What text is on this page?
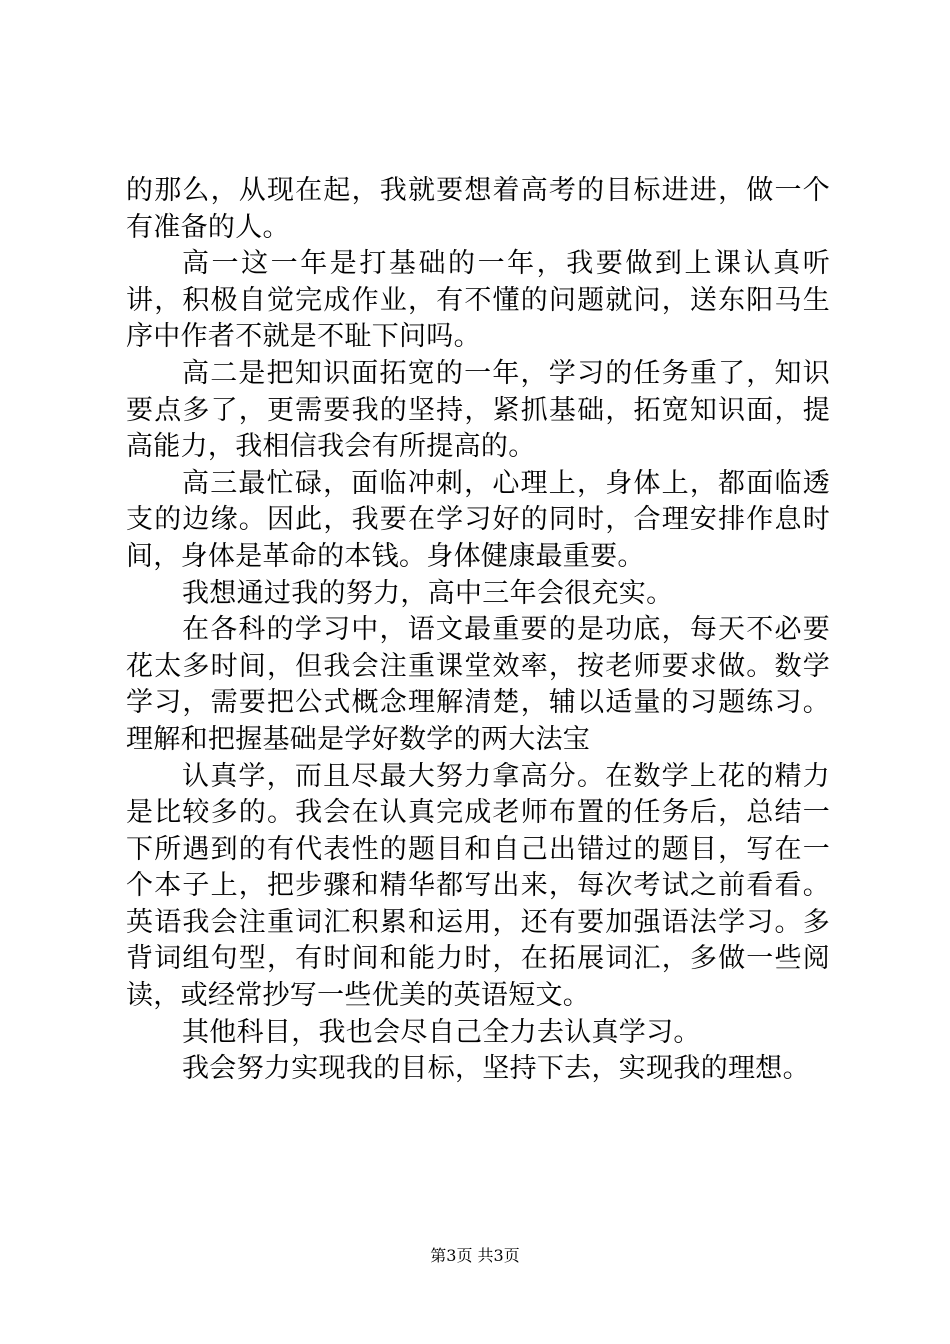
的那么，从现在起，我就要想着高考的目标进进，做一个有准备的人。

高一这一年是打基础的一年，我要做到上课认真听讲，积极自觉完成作业，有不懂的问题就问，送东阳马生序中作者不就是不耻下问吗。

高二是把知识面拓宽的一年，学习的任务重了，知识要点多了，更需要我的坚持，紧抓基础，拓宽知识面，提高能力，我相信我会有所提高的。

高三最忙碌，面临冲刺，心理上，身体上，都面临透支的边缘。因此，我要在学习好的同时，合理安排作息时间，身体是革命的本钱。身体健康最重要。

我想通过我的努力，高中三年会很充实。

在各科的学习中，语文最重要的是功底，每天不必要花太多时间，但我会注重课堂效率，按老师要求做。数学学习，需要把公式概念理解清楚，辅以适量的习题练习。理解和把握基础是学好数学的两大法宝

认真学，而且尽最大努力拿高分。在数学上花的精力是比较多的。我会在认真完成老师布置的任务后，总结一下所遇到的有代表性的题目和自己出错过的题目，写在一个本子上，把步骤和精华都写出来，每次考试之前看看。英语我会注重词汇积累和运用，还有要加强语法学习。多背词组句型，有时间和能力时，在拓展词汇，多做一些阅读，或经常抄写一些优美的英语短文。

其他科目，我也会尽自己全力去认真学习。

我会努力实现我的目标，坚持下去，实现我的理想。

第3页 共3页
